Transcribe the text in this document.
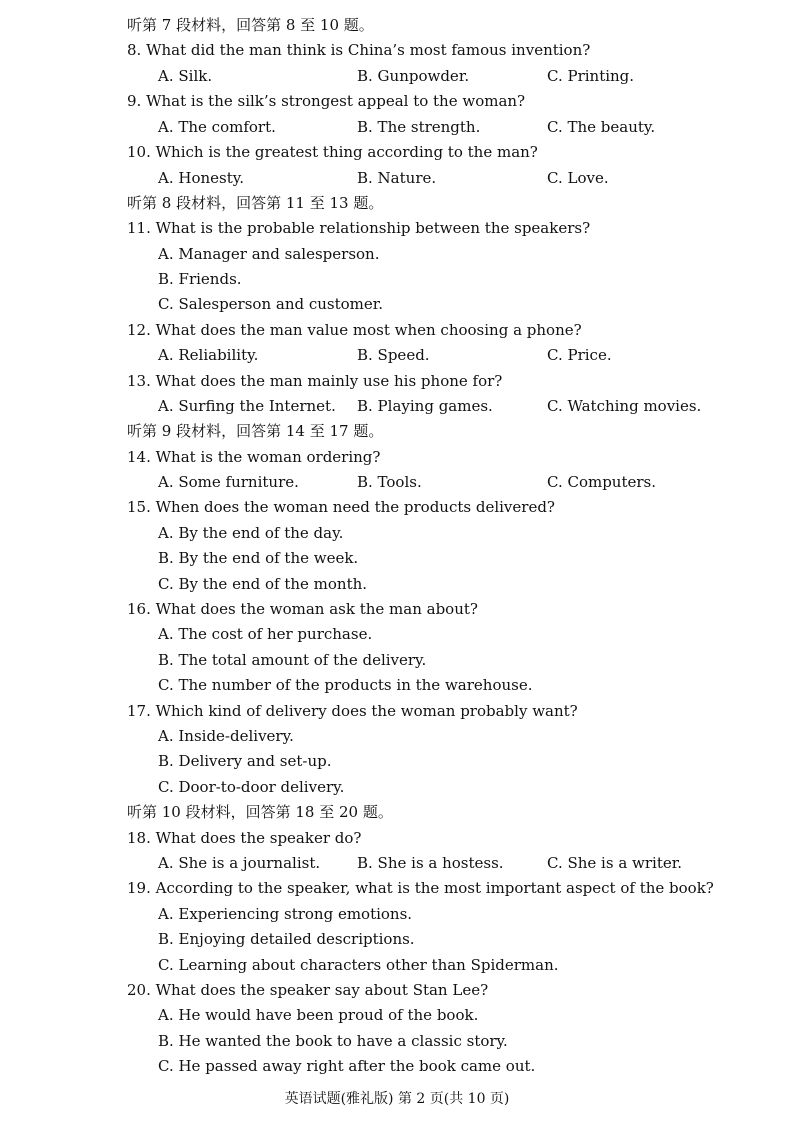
听第 7 段材料，回答第 8 至 10 题。
8. What did the man think is China’s most famous invention?
A. Silk.	B. Gunpowder.	C. Printing.
9. What is the silk’s strongest appeal to the woman?
A. The comfort.	B. The strength.	C. The beauty.
10. Which is the greatest thing according to the man?
A. Honesty.	B. Nature.	C. Love.
听第 8 段材料，回答第 11 至 13 题。
11. What is the probable relationship between the speakers?
A. Manager and salesperson.
B. Friends.
C. Salesperson and customer.
12. What does the man value most when choosing a phone?
A. Reliability.	B. Speed.	C. Price.
13. What does the man mainly use his phone for?
A. Surfing the Internet. B. Playing games.	C. Watching movies.
听第 9 段材料，回答第 14 至 17 题。
14. What is the woman ordering?
A. Some furniture.	B. Tools.	C. Computers.
15. When does the woman need the products delivered?
A. By the end of the day.
B. By the end of the week.
C. By the end of the month.
16. What does the woman ask the man about?
A. The cost of her purchase.
B. The total amount of the delivery.
C. The number of the products in the warehouse.
17. Which kind of delivery does the woman probably want?
A. Inside-delivery.
B. Delivery and set-up.
C. Door-to-door delivery.
听第 10 段材料，回答第 18 至 20 题。
18. What does the speaker do?
A. She is a journalist. B. She is a hostess.	C. She is a writer.
19. According to the speaker, what is the most important aspect of the book?
A. Experiencing strong emotions.
B. Enjoying detailed descriptions.
C. Learning about characters other than Spiderman.
20. What does the speaker say about Stan Lee?
A. He would have been proud of the book.
B. He wanted the book to have a classic story.
C. He passed away right after the book came out.
英语试题(雅礼版) 第 2 页(共 10 页)
